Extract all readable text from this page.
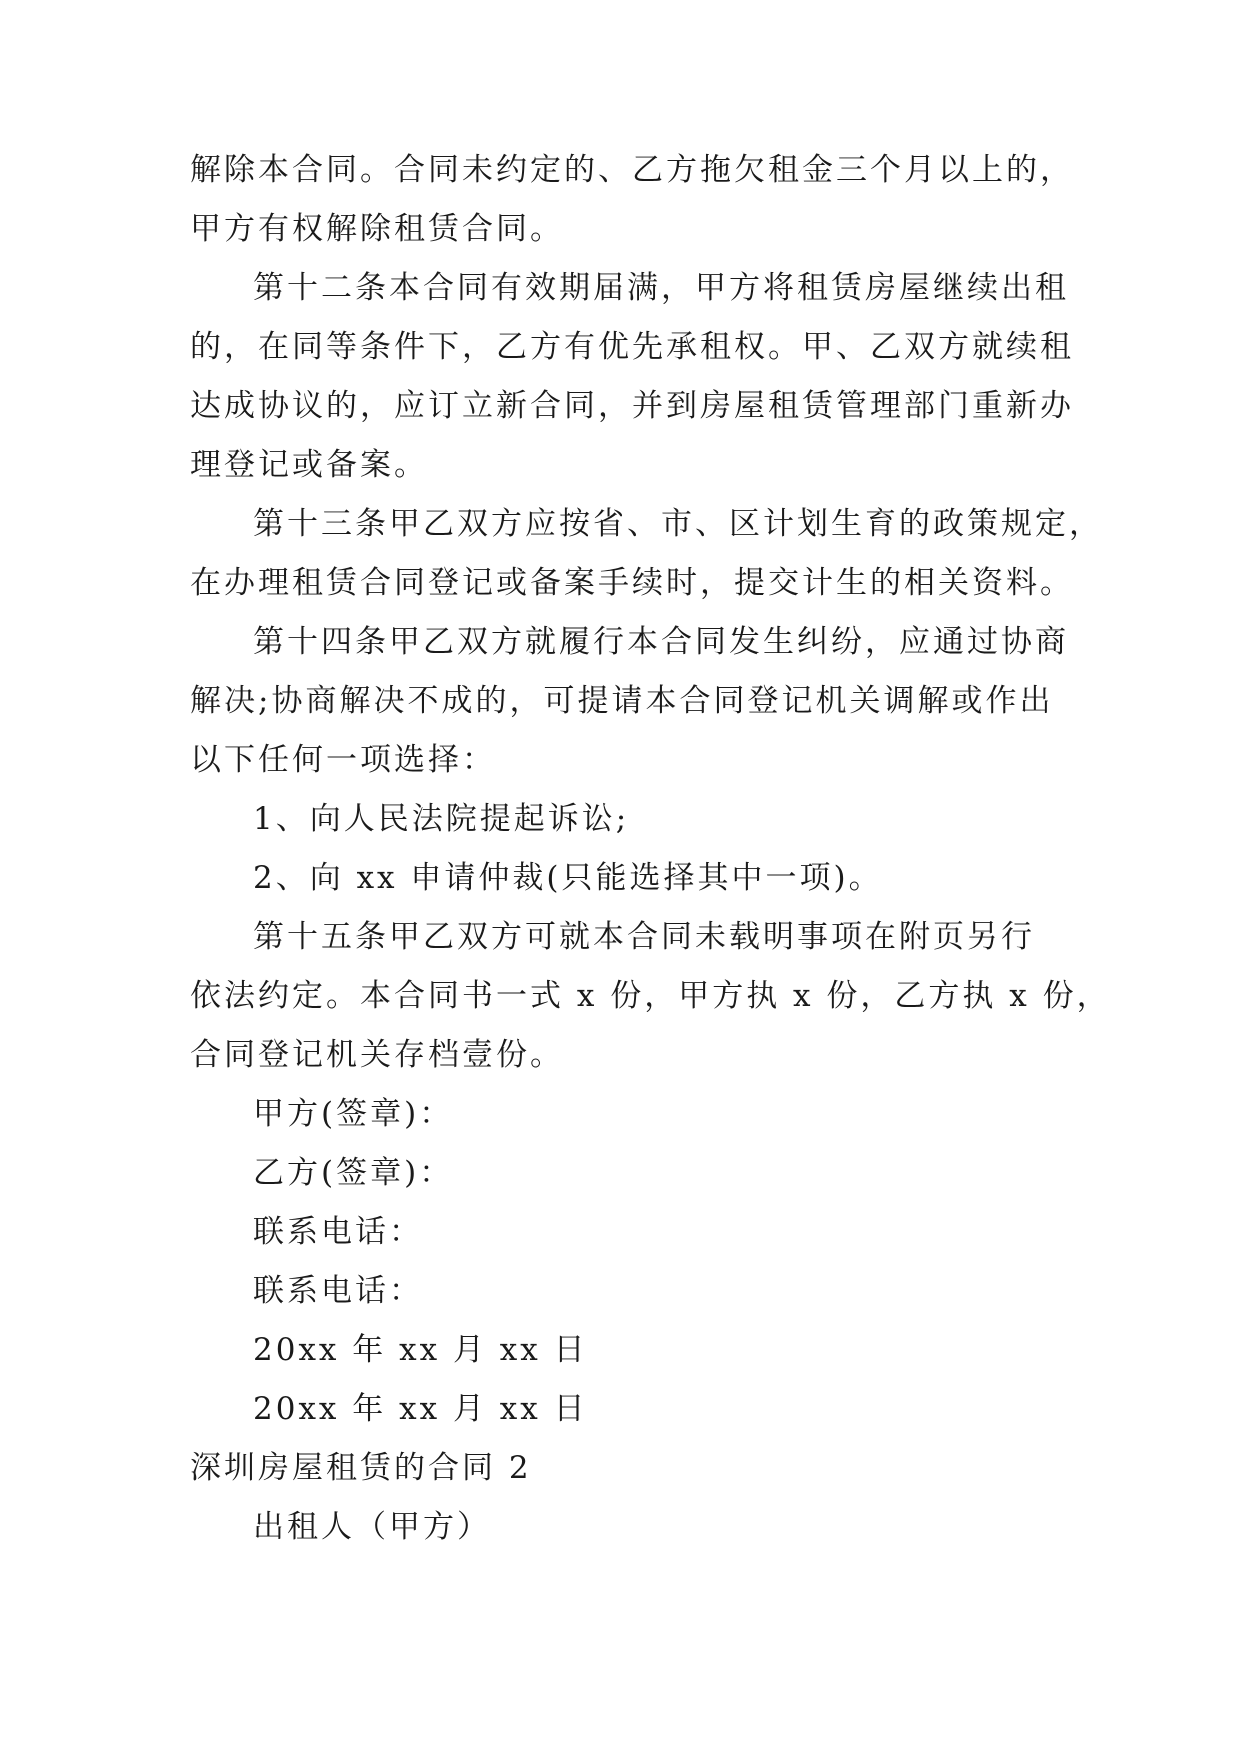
解除本合同。合同未约定的、乙方拖欠租金三个月以上的，
甲方有权解除租赁合同。
第十二条本合同有效期届满，甲方将租赁房屋继续出租
的，在同等条件下，乙方有优先承租权。甲、乙双方就续租
达成协议的，应订立新合同，并到房屋租赁管理部门重新办
理登记或备案。
第十三条甲乙双方应按省、市、区计划生育的政策规定，
在办理租赁合同登记或备案手续时，提交计生的相关资料。
第十四条甲乙双方就履行本合同发生纠纷，应通过协商
解决;协商解决不成的，可提请本合同登记机关调解或作出
以下任何一项选择：
1、向人民法院提起诉讼;
2、向 xx 申请仲裁(只能选择其中一项)。
第十五条甲乙双方可就本合同未载明事项在附页另行
依法约定。本合同书一式 x 份，甲方执 x 份，乙方执 x 份，
合同登记机关存档壹份。
甲方(签章)：
乙方(签章)：
联系电话：
联系电话：
20xx 年 xx 月 xx 日
20xx 年 xx 月 xx 日
深圳房屋租赁的合同 2
出租人（甲方）
